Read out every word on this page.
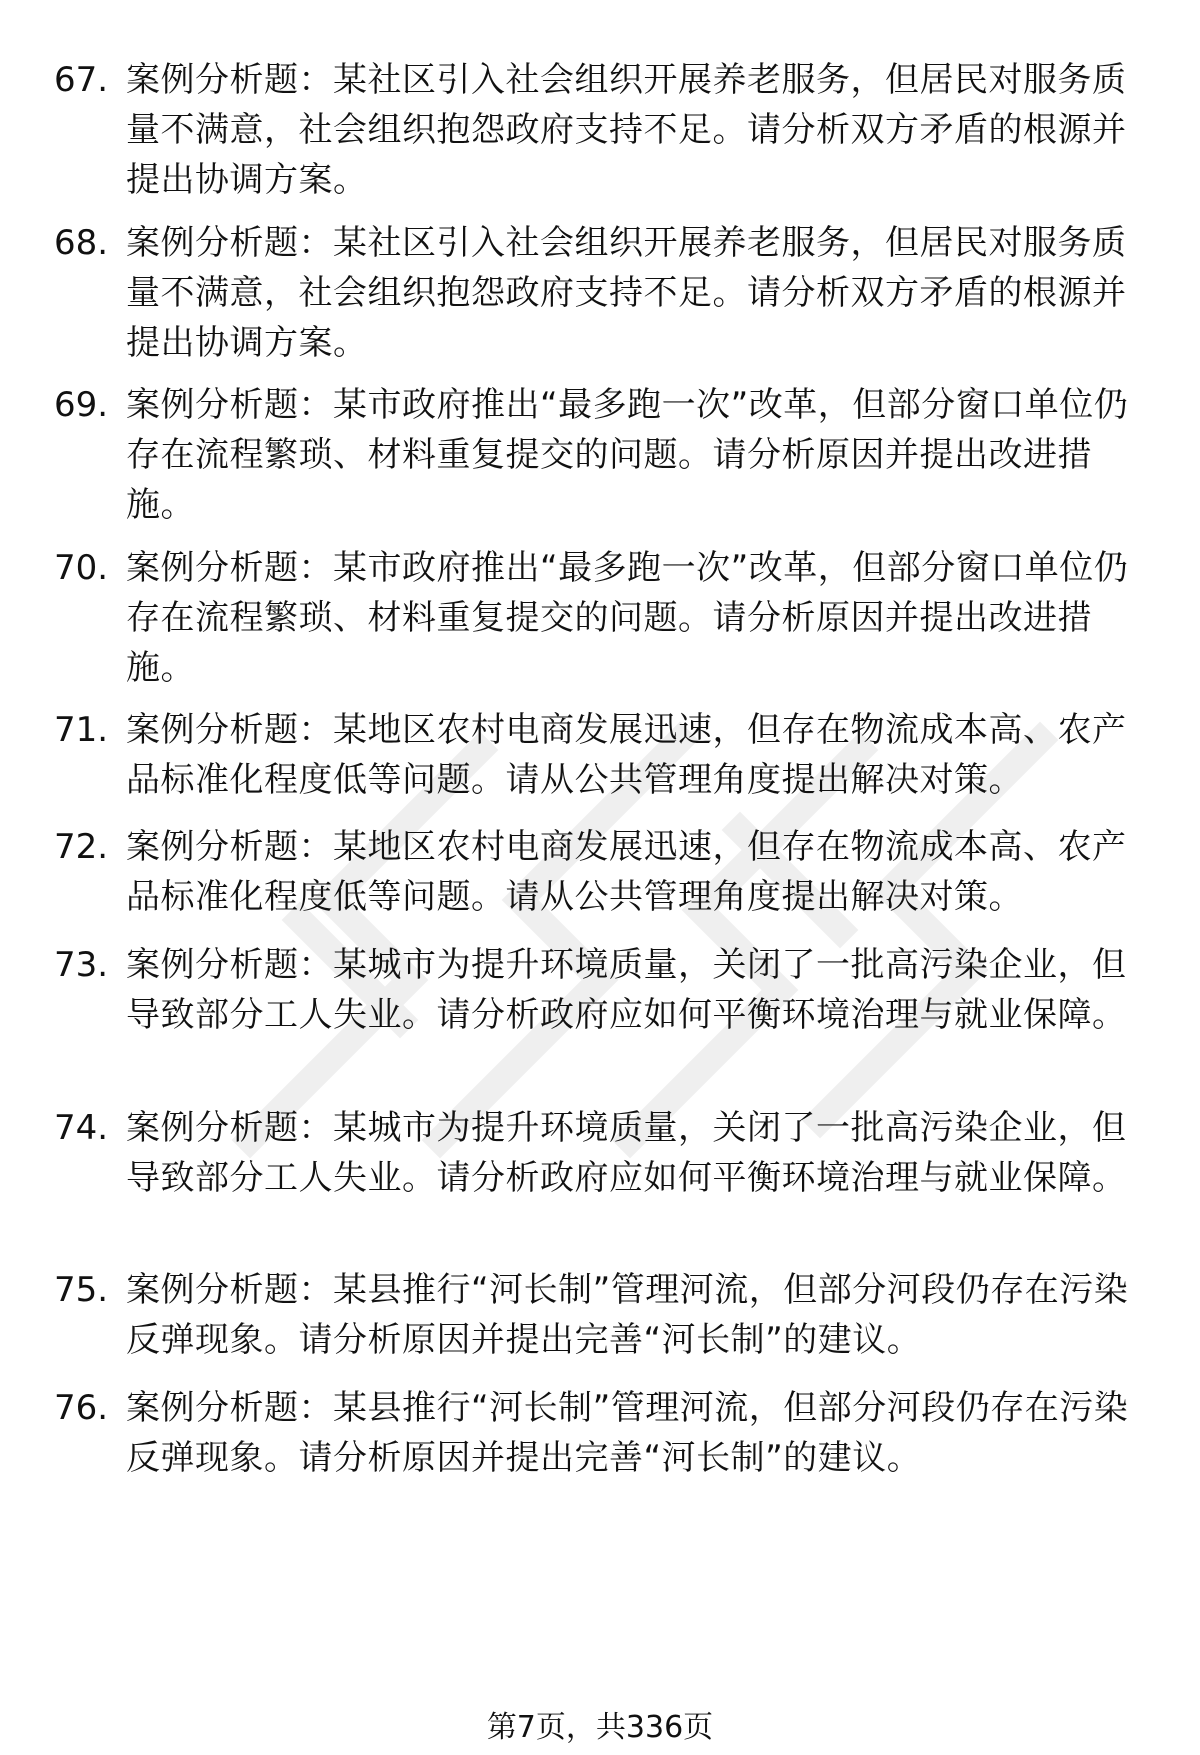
67. 案例分析题：某社区引入社会组织开展养老服务，但居民对服务质量不满意，社会组织抱怨政府支持不足。请分析双方矛盾的根源并提出协调方案。
68. 案例分析题：某社区引入社会组织开展养老服务，但居民对服务质量不满意，社会组织抱怨政府支持不足。请分析双方矛盾的根源并提出协调方案。
69. 案例分析题：某市政府推出“最多跑一次”改革，但部分窗口单位仍存在流程繁琐、材料重复提交的问题。请分析原因并提出改进措施。
70. 案例分析题：某市政府推出“最多跑一次”改革，但部分窗口单位仍存在流程繁琐、材料重复提交的问题。请分析原因并提出改进措施。
71. 案例分析题：某地区农村电商发展迅速，但存在物流成本高、农产品标准化程度低等问题。请从公共管理角度提出解决对策。
72. 案例分析题：某地区农村电商发展迅速，但存在物流成本高、农产品标准化程度低等问题。请从公共管理角度提出解决对策。
73. 案例分析题：某城市为提升环境质量，关闭了一批高污染企业，但导致部分工人失业。请分析政府应如何平衡环境治理与就业保障。
74. 案例分析题：某城市为提升环境质量，关闭了一批高污染企业，但导致部分工人失业。请分析政府应如何平衡环境治理与就业保障。
75. 案例分析题：某县推行“河长制”管理河流，但部分河段仍存在污染反弹现象。请分析原因并提出完善“河长制”的建议。
76. 案例分析题：某县推行“河长制”管理河流，但部分河段仍存在污染反弹现象。请分析原因并提出完善“河长制”的建议。
第7页，共336页
